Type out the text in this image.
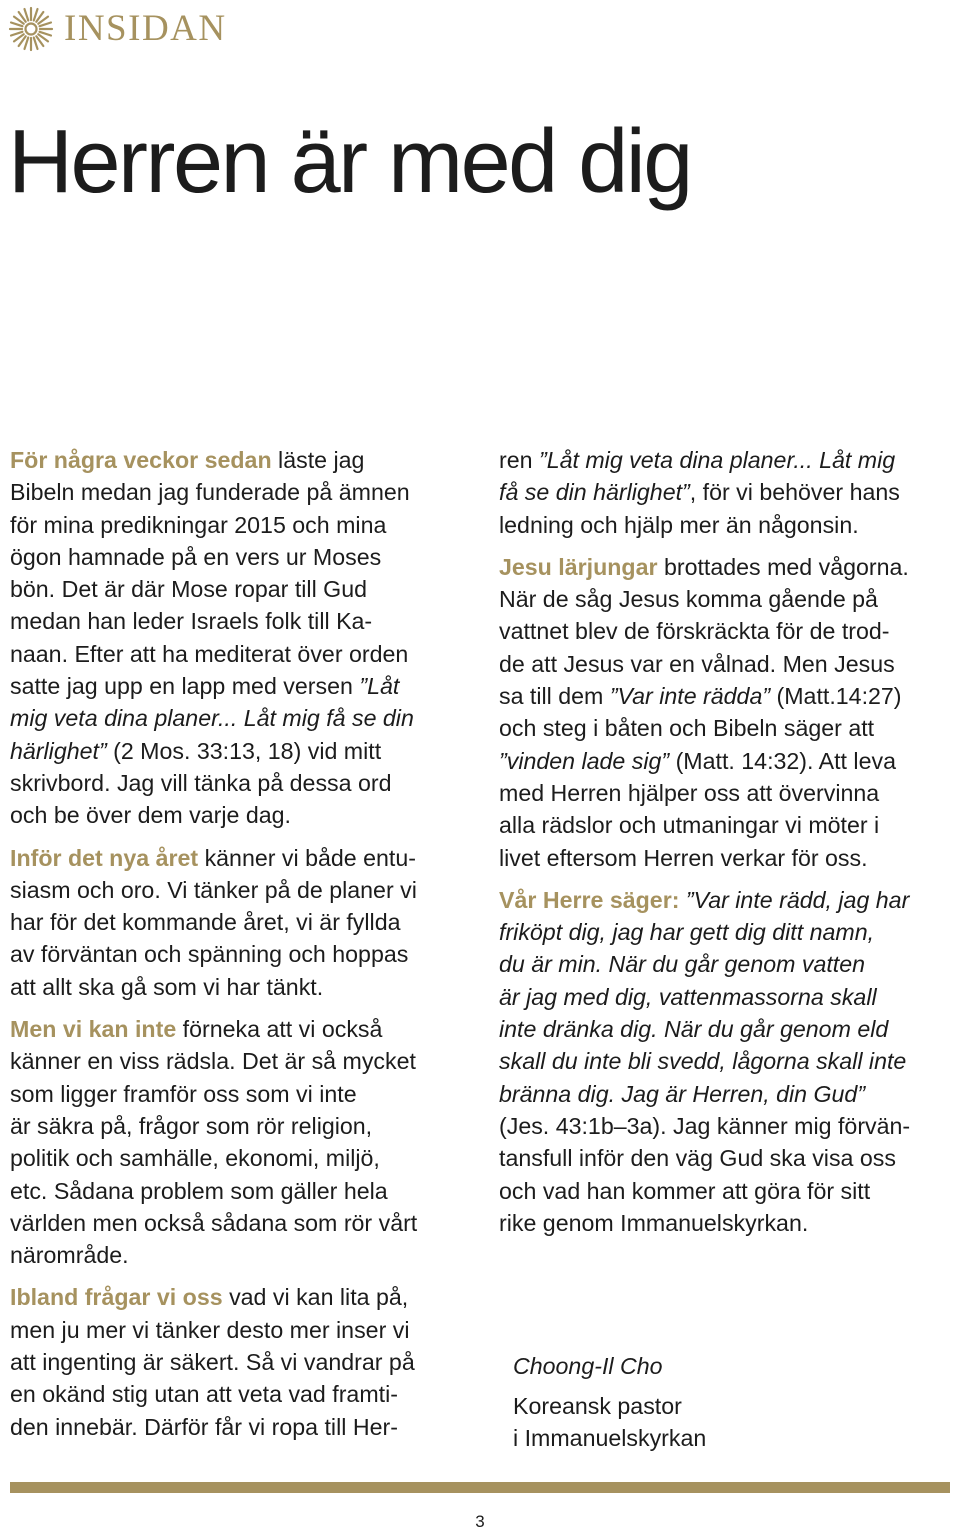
INSIDAN
Herren är med dig

För några veckor sedan läste jag
Bibeln medan jag funderade på ämnen
för mina predikningar 2015 och mina
ögon hamnade på en vers ur Moses
bön. Det är där Mose ropar till Gud
medan han leder Israels folk till Ka-
naan. Efter att ha mediterat över orden
satte jag upp en lapp med versen ”Låt
mig veta dina planer... Låt mig få se din
härlighet” (2 Mos. 33:13, 18) vid mitt
skrivbord. Jag vill tänka på dessa ord
och be över dem varje dag.

Inför det nya året känner vi både entu-
siasm och oro. Vi tänker på de planer vi
har för det kommande året, vi är fyllda
av förväntan och spänning och hoppas
att allt ska gå som vi har tänkt.

Men vi kan inte förneka att vi också
känner en viss rädsla. Det är så mycket
som ligger framför oss som vi inte
är säkra på, frågor som rör religion,
politik och samhälle, ekonomi, miljö,
etc. Sådana problem som gäller hela
världen men också sådana som rör vårt
närområde.

Ibland frågar vi oss vad vi kan lita på,
men ju mer vi tänker desto mer inser vi
att ingenting är säkert. Så vi vandrar på
en okänd stig utan att veta vad framti-
den innebär. Därför får vi ropa till Her-

ren ”Låt mig veta dina planer... Låt mig
få se din härlighet”, för vi behöver hans
ledning och hjälp mer än någonsin.

Jesu lärjungar brottades med vågorna.
När de såg Jesus komma gående på
vattnet blev de förskräckta för de trod-
de att Jesus var en vålnad. Men Jesus
sa till dem ”Var inte rädda” (Matt.14:27)
och steg i båten och Bibeln säger att
”vinden lade sig” (Matt. 14:32). Att leva
med Herren hjälper oss att övervinna
alla rädslor och utmaningar vi möter i
livet eftersom Herren verkar för oss.

Vår Herre säger: ”Var inte rädd, jag har
friköpt dig, jag har gett dig ditt namn,
du är min. När du går genom vatten
är jag med dig, vattenmassorna skall
inte dränka dig. När du går genom eld
skall du inte bli svedd, lågorna skall inte
bränna dig. Jag är Herren, din Gud”
(Jes. 43:1b–3a). Jag känner mig förvän-
tansfull inför den väg Gud ska visa oss
och vad han kommer att göra för sitt
rike genom Immanuelskyrkan.

Choong-Il Cho
Koreansk pastor
i Immanuelskyrkan
3
